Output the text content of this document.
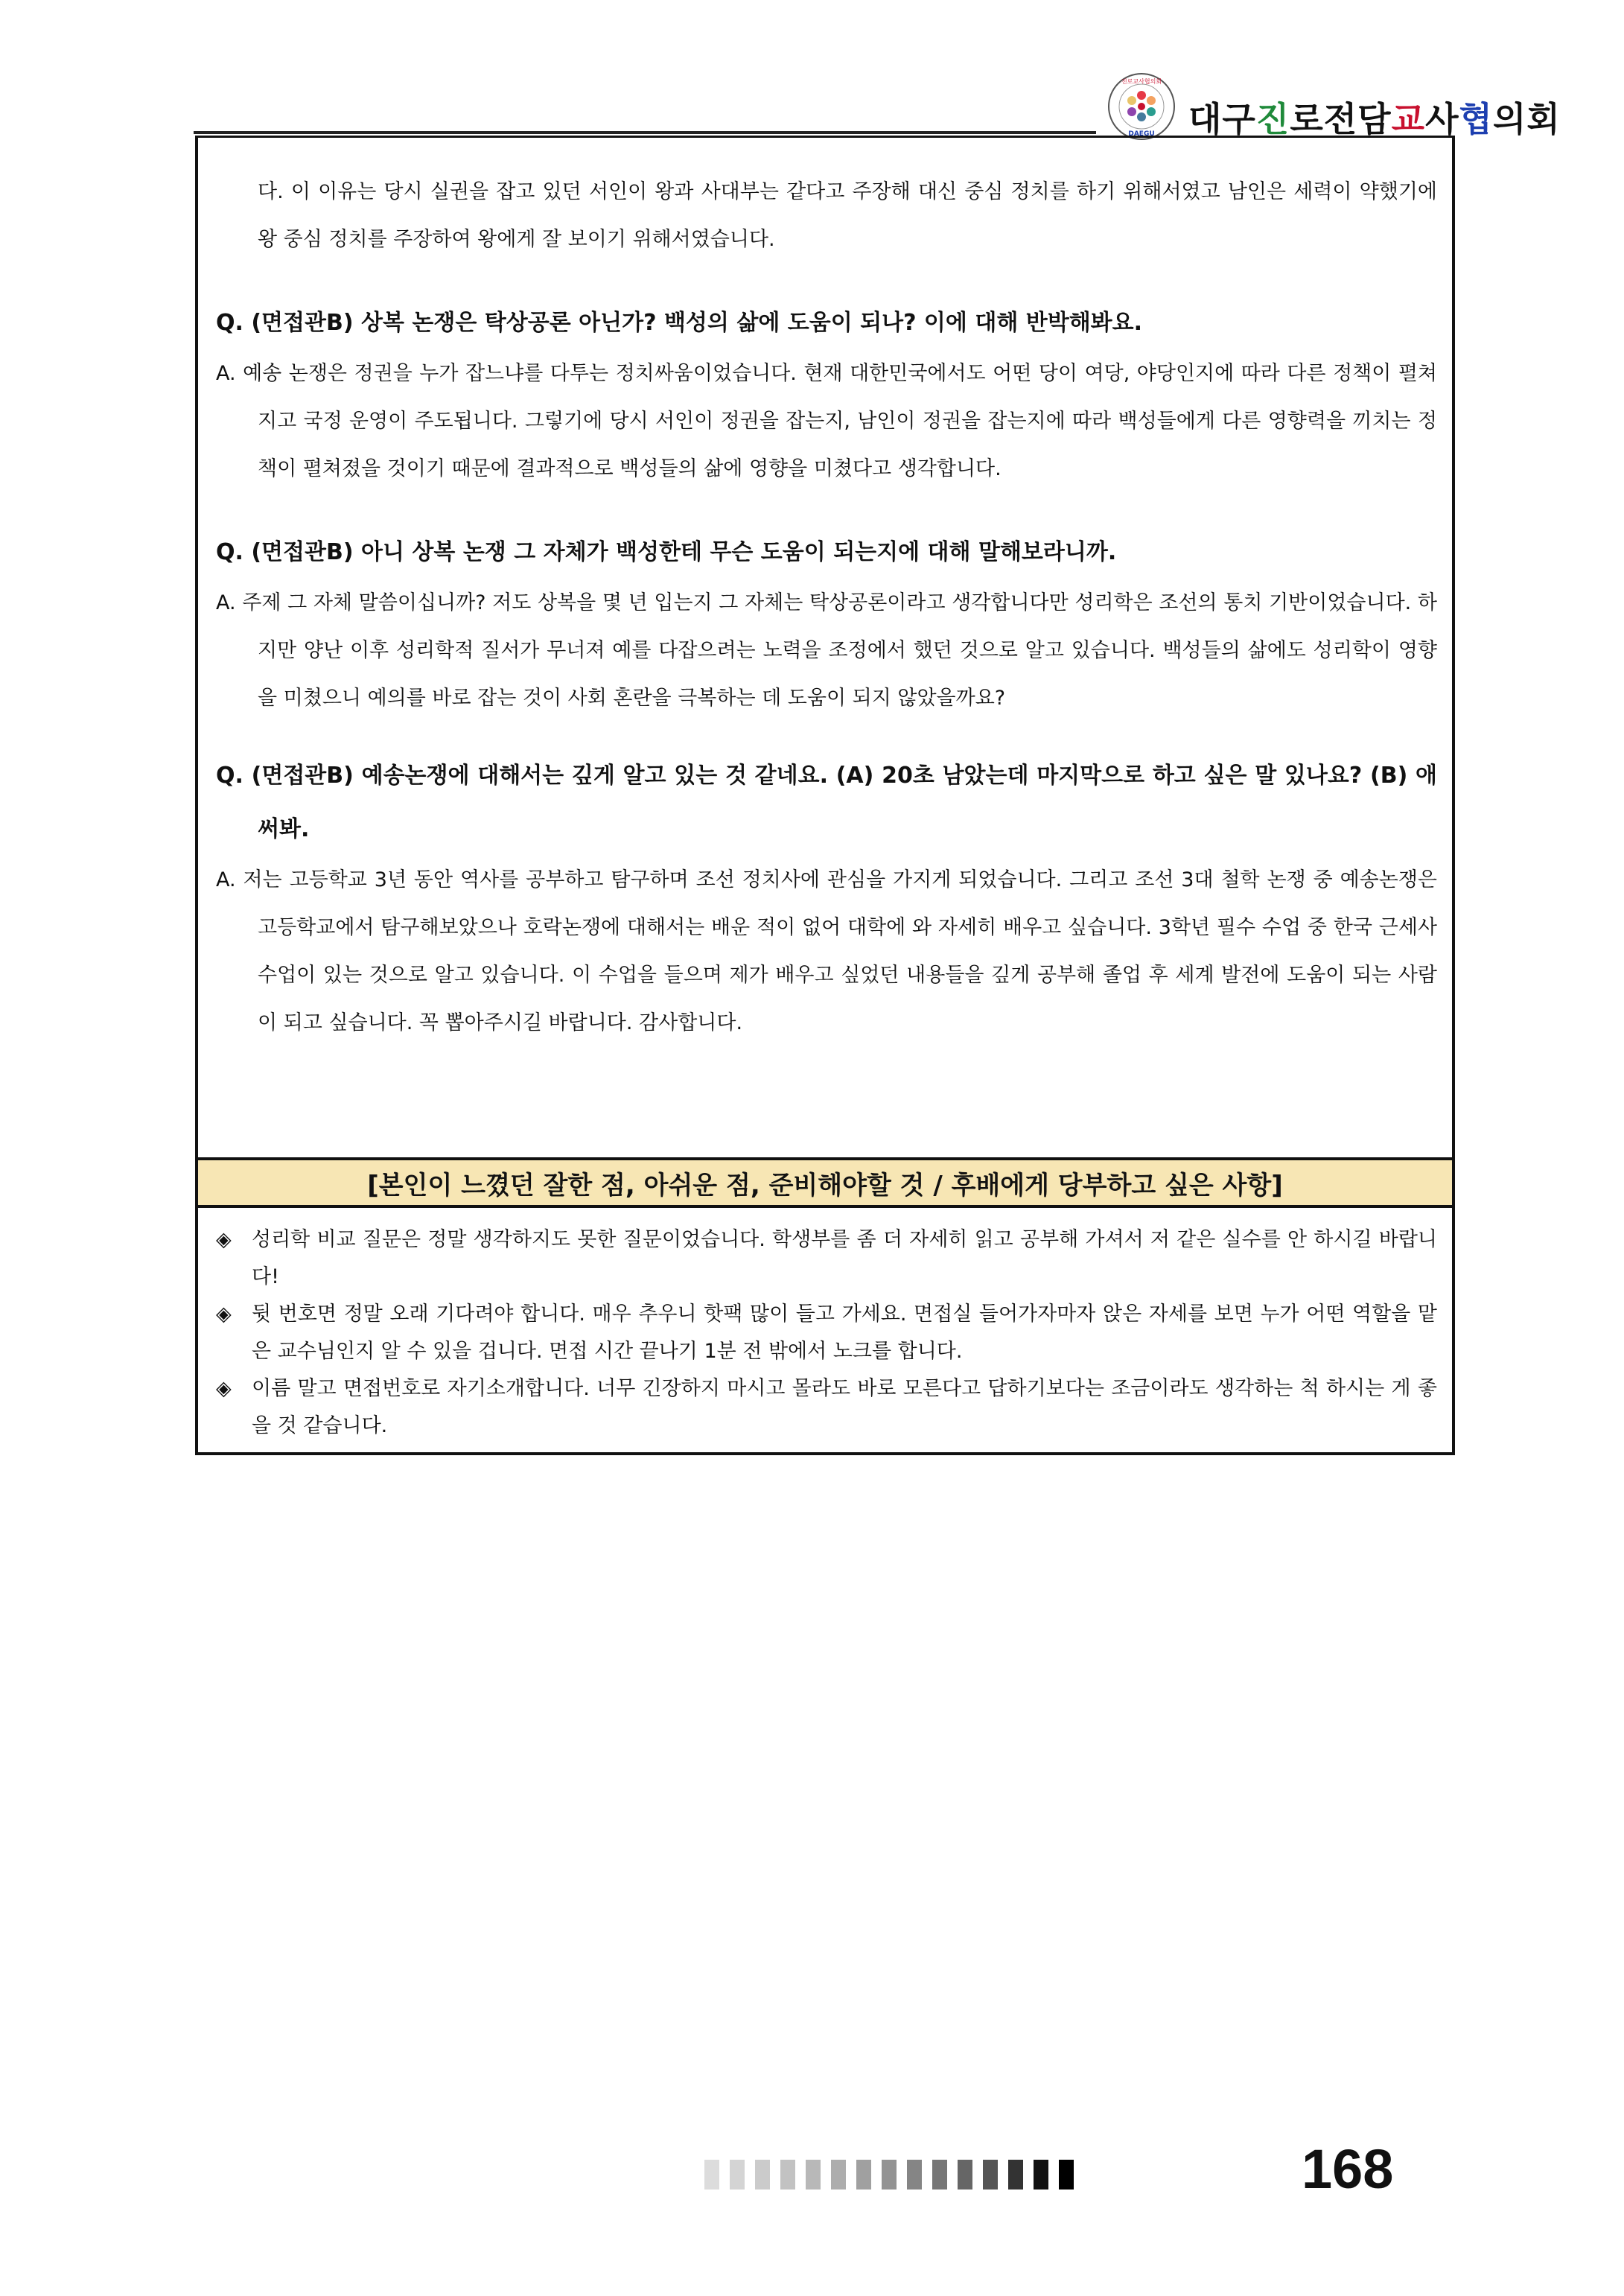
진로교사협의회
DAEGU 대구진로전담교사협의회
다. 이 이유는 당시 실권을 잡고 있던 서인이 왕과 사대부는 같다고 주장해 대신 중심 정치를 하기 위해서였고 남인은 세력이 약했기에 왕 중심 정치를 주장하여 왕에게 잘 보이기 위해서였습니다.
Q. (면접관B) 상복 논쟁은 탁상공론 아닌가? 백성의 삶에 도움이 되나? 이에 대해 반박해봐요.
A. 예송 논쟁은 정권을 누가 잡느냐를 다투는 정치싸움이었습니다. 현재 대한민국에서도 어떤 당이 여당, 야당인지에 따라 다른 정책이 펼쳐지고 국정 운영이 주도됩니다. 그렇기에 당시 서인이 정권을 잡는지, 남인이 정권을 잡는지에 따라 백성들에게 다른 영향력을 끼치는 정책이 펼쳐졌을 것이기 때문에 결과적으로 백성들의 삶에 영향을 미쳤다고 생각합니다.
Q. (면접관B) 아니 상복 논쟁 그 자체가 백성한테 무슨 도움이 되는지에 대해 말해보라니까.
A. 주제 그 자체 말씀이십니까? 저도 상복을 몇 년 입는지 그 자체는 탁상공론이라고 생각합니다만 성리학은 조선의 통치 기반이었습니다. 하지만 양난 이후 성리학적 질서가 무너져 예를 다잡으려는 노력을 조정에서 했던 것으로 알고 있습니다. 백성들의 삶에도 성리학이 영향을 미쳤으니 예의를 바로 잡는 것이 사회 혼란을 극복하는 데 도움이 되지 않았을까요?
Q. (면접관B) 예송논쟁에 대해서는 깊게 알고 있는 것 같네요. (A) 20초 남았는데 마지막으로 하고 싶은 말 있나요? (B) 애써봐.
A. 저는 고등학교 3년 동안 역사를 공부하고 탐구하며 조선 정치사에 관심을 가지게 되었습니다. 그리고 조선 3대 철학 논쟁 중 예송논쟁은 고등학교에서 탐구해보았으나 호락논쟁에 대해서는 배운 적이 없어 대학에 와 자세히 배우고 싶습니다. 3학년 필수 수업 중 한국 근세사 수업이 있는 것으로 알고 있습니다. 이 수업을 들으며 제가 배우고 싶었던 내용들을 깊게 공부해 졸업 후 세계 발전에 도움이 되는 사람이 되고 싶습니다. 꼭 뽑아주시길 바랍니다. 감사합니다.
[본인이 느꼈던 잘한 점, 아쉬운 점, 준비해야할 것 / 후배에게 당부하고 싶은 사항]
◈ 성리학 비교 질문은 정말 생각하지도 못한 질문이었습니다. 학생부를 좀 더 자세히 읽고 공부해 가셔서 저 같은 실수를 안 하시길 바랍니다!
◈ 뒷 번호면 정말 오래 기다려야 합니다. 매우 추우니 핫팩 많이 들고 가세요. 면접실 들어가자마자 앉은 자세를 보면 누가 어떤 역할을 맡은 교수님인지 알 수 있을 겁니다. 면접 시간 끝나기 1분 전 밖에서 노크를 합니다.
◈ 이름 말고 면접번호로 자기소개합니다. 너무 긴장하지 마시고 몰라도 바로 모른다고 답하기보다는 조금이라도 생각하는 척 하시는 게 좋을 것 같습니다.
168
